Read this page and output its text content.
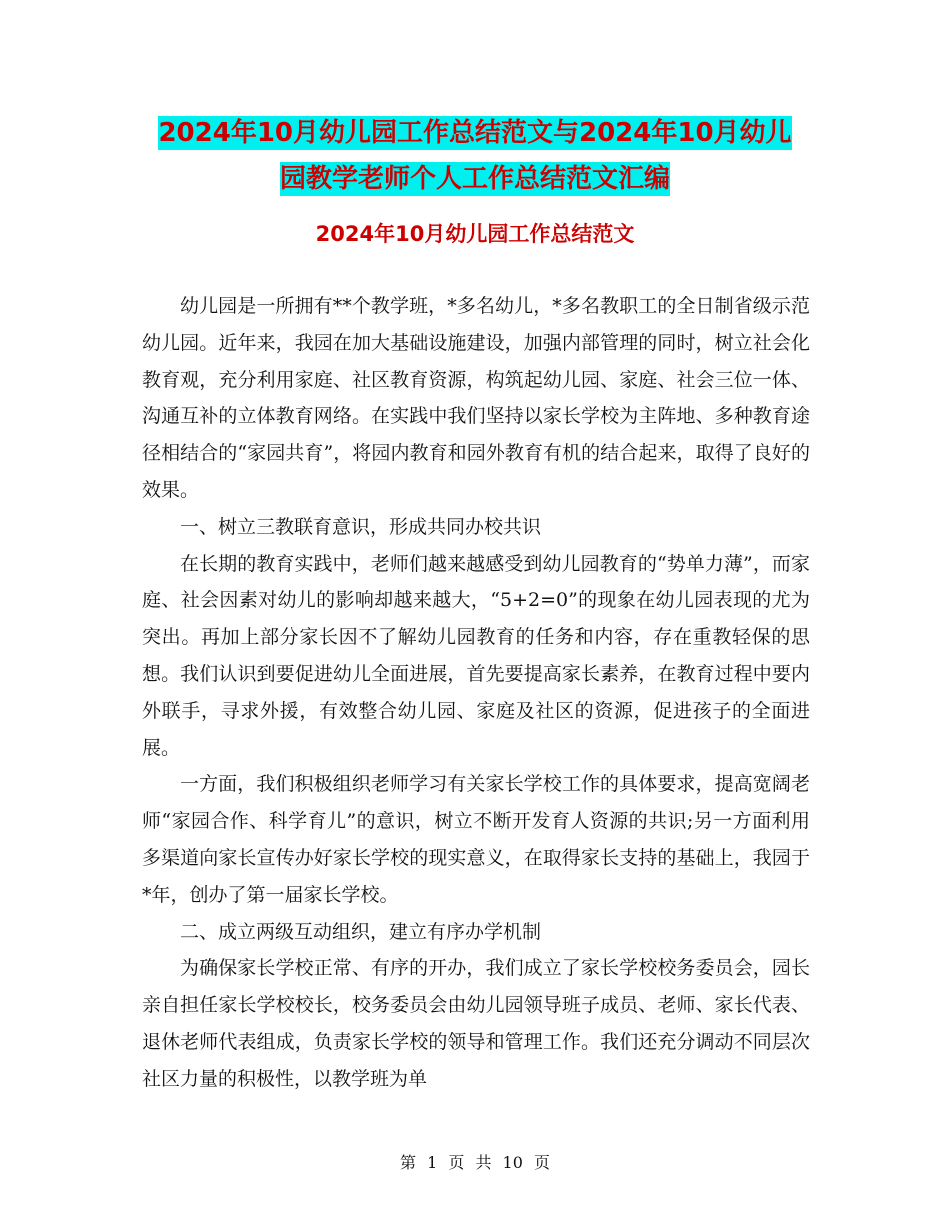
2024年10月幼儿园工作总结范文与2024年10月幼儿
园教学老师个人工作总结范文汇编
2024年10月幼儿园工作总结范文

幼儿园是一所拥有**个教学班，*多名幼儿，*多名教职工的全日制省级示范幼儿园。近年来，我园在加大基础设施建设，加强内部管理的同时，树立社会化教育观，充分利用家庭、社区教育资源，构筑起幼儿园、家庭、社会三位一体、沟通互补的立体教育网络。在实践中我们坚持以家长学校为主阵地、多种教育途径相结合的“家园共育”，将园内教育和园外教育有机的结合起来，取得了良好的效果。

一、树立三教联育意识，形成共同办校共识

在长期的教育实践中，老师们越来越感受到幼儿园教育的“势单力薄”，而家庭、社会因素对幼儿的影响却越来越大，“5+2=0”的现象在幼儿园表现的尤为突出。再加上部分家长因不了解幼儿园教育的任务和内容，存在重教轻保的思想。我们认识到要促进幼儿全面进展，首先要提高家长素养，在教育过程中要内外联手，寻求外援，有效整合幼儿园、家庭及社区的资源，促进孩子的全面进展。

一方面，我们积极组织老师学习有关家长学校工作的具体要求，提高宽阔老师“家园合作、科学育儿”的意识，树立不断开发育人资源的共识;另一方面利用多渠道向家长宣传办好家长学校的现实意义，在取得家长支持的基础上，我园于*年，创办了第一届家长学校。

二、成立两级互动组织，建立有序办学机制

为确保家长学校正常、有序的开办，我们成立了家长学校校务委员会，园长亲自担任家长学校校长，校务委员会由幼儿园领导班子成员、老师、家长代表、退休老师代表组成，负责家长学校的领导和管理工作。我们还充分调动不同层次社区力量的积极性，以教学班为单

第 1 页 共 10 页
